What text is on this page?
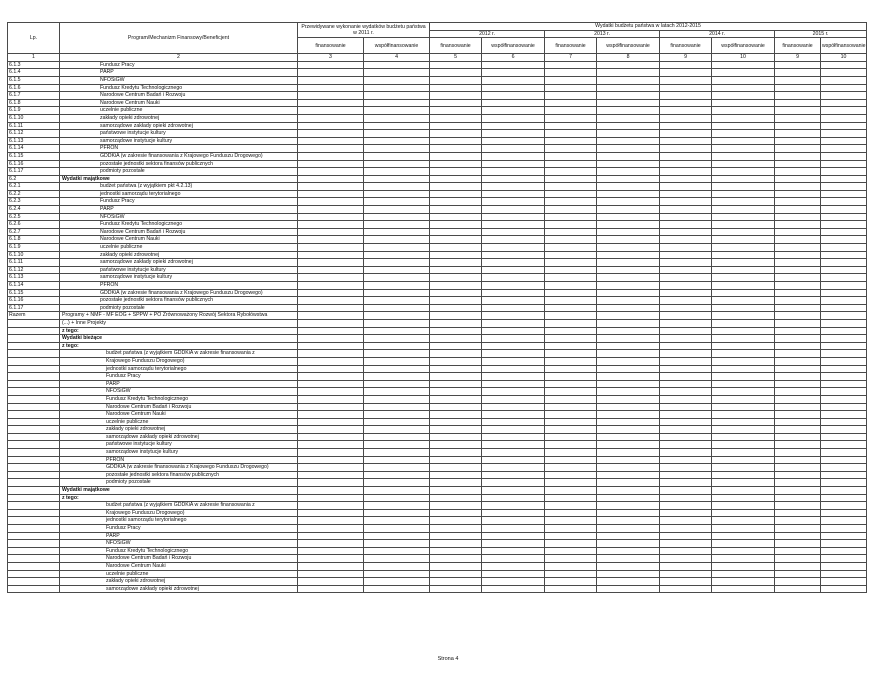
Lp.	Program/Mechanizm Finansowy/Beneficjent	Przewidywane wykonanie wydatków budżetu państwa w 2011 r.		Wydatki budżetu państwa w latach 2012-2015							
				2012 r.		2013 r.		2014 r.		2015 r.	
		finansowanie	współfinansowanie	finansowanie	współfinansowanie	finansowanie	współfinansowanie	finansowanie	współfinansowanie	finansowanie	współfinansowanie
1	2	3	4	5	6	7	8	9	10	9	10
6.1.3	Fundusz Pracy										
6.1.4	PARP										
6.1.5	NFOŚiGW										
6.1.6	Fundusz Kredytu Technologicznego										
6.1.7	Narodowe Centrum Badań i Rozwoju										
6.1.8	Narodowe Centrum Nauki										
6.1.9	uczelnie publiczne										
6.1.10	zakłady opieki zdrowotnej										
6.1.11	samorządowe zakłady opieki zdrowotnej										
6.1.12	państwowe instytucje kultury										
6.1.13	samorządowe instytucje kultury										
6.1.14	PFRON										
6.1.15	GDDKiA (w zakresie finansowania z Krajowego Funduszu Drogowego)										
6.1.16	pozostałe jednostki sektora finansów publicznych										
6.1.17	podmioty pozostałe										
6.2	Wydatki majątkowe										
6.2.1	budżet państwa (z wyjątkiem pkt 4.2.13)										
6.2.2	jednostki samorządu terytorialnego										
6.2.3	Fundusz Pracy										
6.2.4	PARP										
6.2.5	NFOŚiGW										
6.2.6	Fundusz Kredytu Technologicznego										
6.2.7	Narodowe Centrum Badań i Rozwoju										
6.1.8	Narodowe Centrum Nauki										
6.1.9	uczelnie publiczne										
6.1.10	zakłady opieki zdrowotnej										
6.1.11	samorządowe zakłady opieki zdrowotnej										
6.1.12	państwowe instytucje kultury										
6.1.13	samorządowe instytucje kultury										
6.1.14	PFRON										
6.1.15	GDDKiA (w zakresie finansowania z Krajowego Funduszu Drogowego)										
6.1.16	pozostałe jednostki sektora finansów publicznych										
6.1.17	podmioty pozostałe										
Razem	Programy + NMF - MF EOG + SPPW + PO Zrównoważony Rozwój Sektora Rybołówstwa										
	(...) + Inne Projekty										
	z tego:										
	Wydatki bieżące										
	z tego:										
	budżet państwa (z wyjątkiem GDDKiA w zakresie finansowania z										
	Krajowego Funduszu Drogowego)										
	jednostki samorządu terytorialnego										
	Fundusz Pracy										
	PARP										
	NFOŚiGW										
	Fundusz Kredytu Technologicznego										
	Narodowe Centrum Badań i Rozwoju										
	Narodowe Centrum Nauki										
	uczelnie publiczne										
	zakłady opieki zdrowotnej										
	samorządowe zakłady opieki zdrowotnej										
	państwowe instytucje kultury										
	samorządowe instytucje kultury										
	PFRON										
	GDDKiA (w zakresie finansowania z Krajowego Funduszu Drogowego)										
	pozostałe jednostki sektora finansów publicznych										
	podmioty pozostałe										
	Wydatki majątkowe										
	z tego:										
	budżet państwa (z wyjątkiem GDDKiA w zakresie finansowania z										
	Krajowego Funduszu Drogowego)										
	jednostki samorządu terytorialnego										
	Fundusz Pracy										
	PARP										
	NFOŚiGW										
	Fundusz Kredytu Technologicznego										
	Narodowe Centrum Badań i Rozwoju										
	Narodowe Centrum Nauki										
	uczelnie publiczne										
	zakłady opieki zdrowotnej										
	samorządowe zakłady opieki zdrowotnej										
Strona 4
